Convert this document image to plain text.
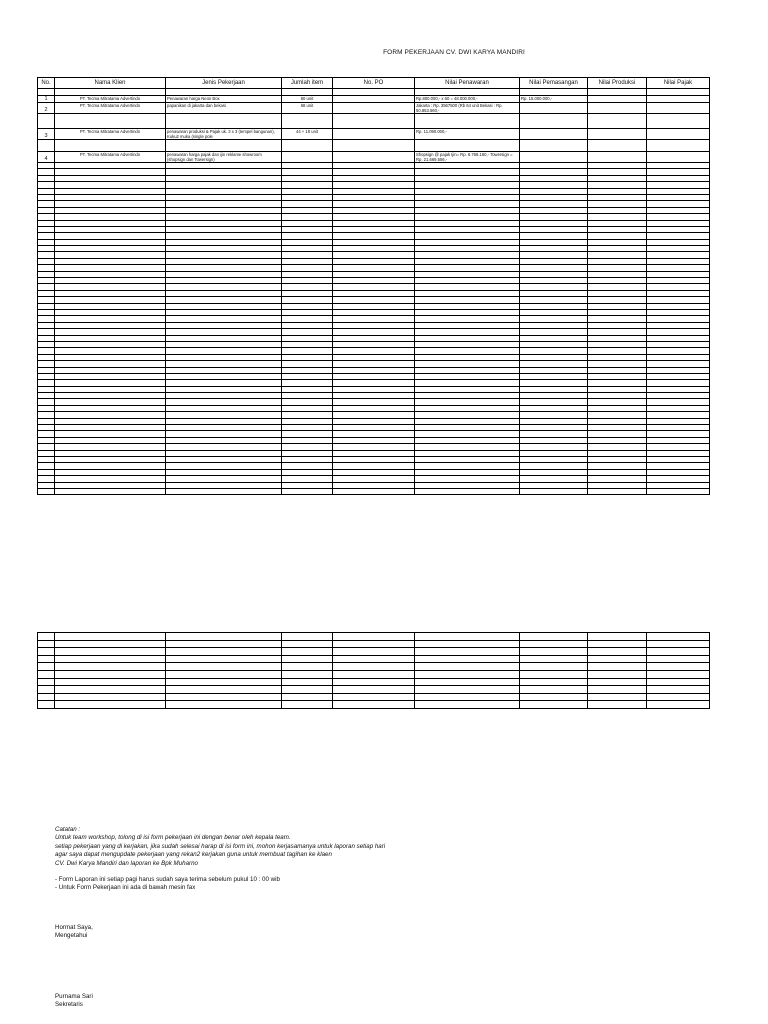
FORM PEKERJAAN CV. DWI KARYA MANDIRI
No.	Nama Klien	Jenis Pekerjaan	Jumlah item	No. PO	Nilai Penawaran	Nilai Pemasangan	Nilai Produksi	Nilai Pajak

1	PT. Tecma Mitratama Advertindo	Penawaran harga Neon Box	60 unit		Rp.800.000,- x 60 = 48.000.000,-	Rp. 15.000.000,-		
2	PT. Tecma Mitratama Advertindo	papanikan di jakarta dan bekasi	68 unit		Jakarta : Rp. 3567500 (Rb 64 unit Bekasi : Rp. 50.853.560,-			

3	PT. Tecma Mitratama Advertindo	penawaran produksi & Pajak uk. 3 x 3 (tempel bangunan), Kuku2 muka (single pole	44 + 18 unit		Rp. 11.090.000,-			

4	PT. Tecma Mitratama Advertindo	penawaran harga pajak dan ijin reklame showroom (shopsign dan Towersign)			Shopsign @ pajak Ijin= Rp. 6.768.160,- Towersign = Rp. 21.669.556,-			

Catatan :

Untuk team workshop, tolong di isi form pekerjaan ini dengan benar oleh kepala team.

setiap pekerjaan yang di kerjakan, jika sudah selesai harap di isi form ini, mohon kerjasamanya untuk laporan setiap hari

agar saya dapat mengupdate pekerjaan yang rekan2 kerjakan guna untuk membuat tagihan ke klaen

CV. Dwi Karya Mandiri dan laporan ke Bpk Muharno

- Form Laporan ini setiap pagi harus sudah saya terima sebelum pukul 10 : 00 wib

- Untuk Form Pekerjaan ini ada di bawah mesin fax

Hormat Saya,
Mengetahui
Purnama Sari
Sekretaris
